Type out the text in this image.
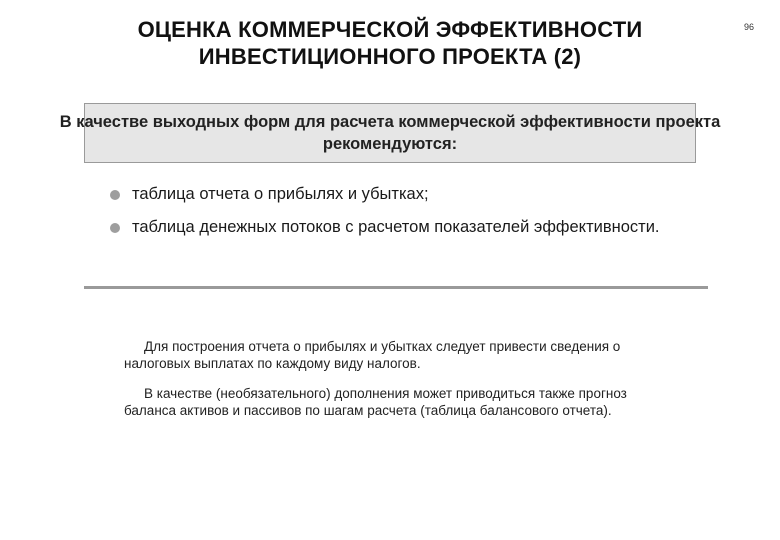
ОЦЕНКА КОММЕРЧЕСКОЙ ЭФФЕКТИВНОСТИ
ИНВЕСТИЦИОННОГО ПРОЕКТА (2)
96
В качестве выходных форм для расчета коммерческой эффективности проекта
рекомендуются:
таблица отчета о прибылях и убытках;
таблица денежных потоков с расчетом показателей эффективности.

Для построения отчета о прибылях и убытках следует привести сведения о налоговых выплатах по каждому виду налогов.

В качестве (необязательного) дополнения может приводиться также прогноз баланса активов и пассивов по шагам расчета (таблица балансового отчета).
